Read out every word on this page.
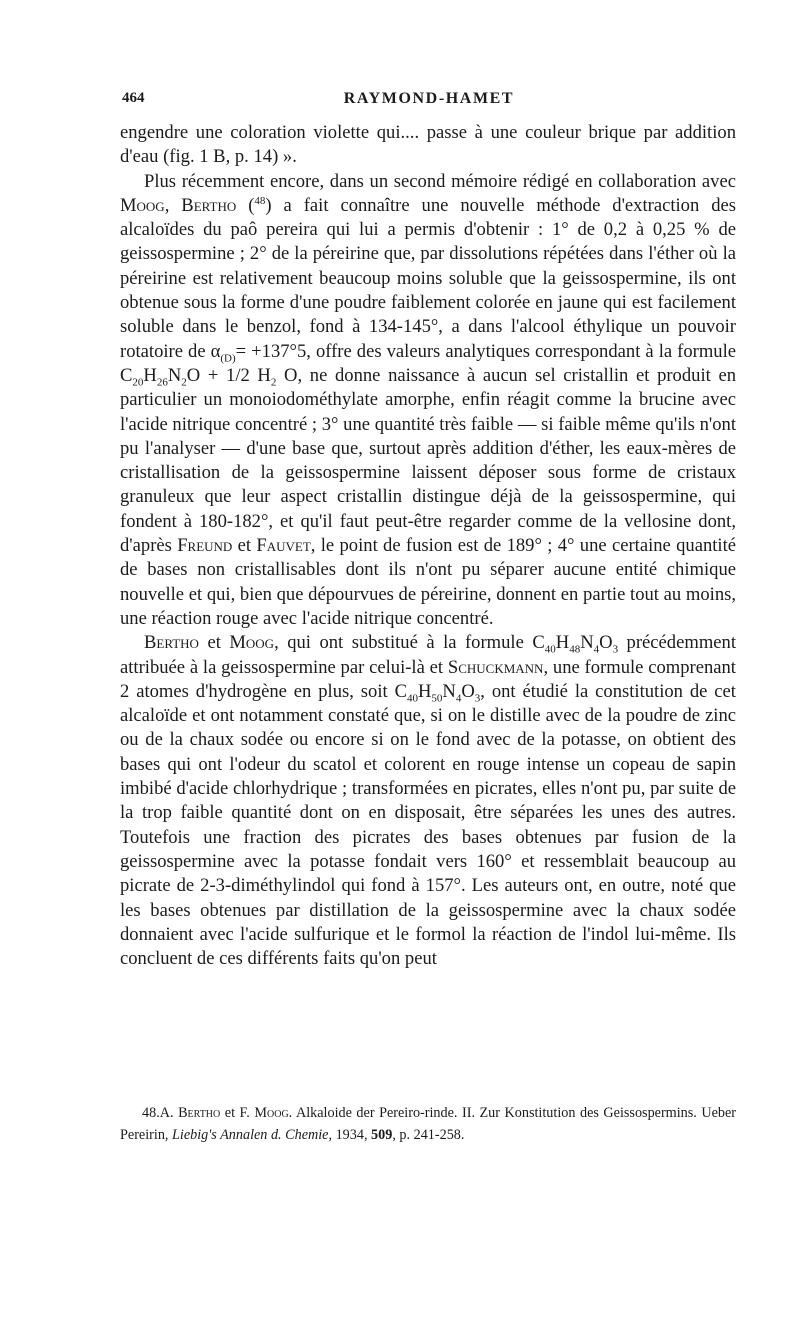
464	RAYMOND-HAMET

engendre une coloration violette qui.... passe à une couleur brique par addition d'eau (fig. 1 B, p. 14) ».

Plus récemment encore, dans un second mémoire rédigé en collaboration avec Moog, Bertho ($^{48}$) a fait connaître une nouvelle méthode d'extraction des alcaloïdes du paô pereira qui lui a permis d'obtenir : 1° de 0,2 à 0,25 % de geissospermine ; 2° de la péreirine que, par dissolutions répétées dans l'éther où la péreirine est relativement beaucoup moins soluble que la geissospermine, ils ont obtenue sous la forme d'une poudre faiblement colorée en jaune qui est facilement soluble dans le benzol, fond à 134-145°, a dans l'alcool éthylique un pouvoir rotatoire de $\alpha_{(D)}= +137^\circ 5$, offre des valeurs analytiques correspondant à la formule $C_{20}H_{26}N_2O + 1/2$ $H_2$ O, ne donne naissance à aucun sel cristallin et produit en particulier un monoiodométhylate amorphe, enfin réagit comme la brucine avec l'acide nitrique concentré ; 3° une quantité très faible — si faible même qu'ils n'ont pu l'analyser — d'une base que, surtout après addition d'éther, les eaux-mères de cristallisation de la geissospermine laissent déposer sous forme de cristaux granuleux que leur aspect cristallin distingue déjà de la geissospermine, qui fondent à 180-182°, et qu'il faut peut-être regarder comme de la vellosine dont, d'après Freund et Fauvet, le point de fusion est de 189° ; 4° une certaine quantité de bases non cristallisables dont ils n'ont pu séparer aucune entité chimique nouvelle et qui, bien que dépourvues de péreirine, donnent en partie tout au moins, une réaction rouge avec l'acide nitrique concentré.

Bertho et Moog, qui ont substitué à la formule $C_{40}H_{48}N_4O_3$ précédemment attribuée à la geissospermine par celui-là et Schuckmann, une formule comprenant 2 atomes d'hydrogène en plus, soit $C_{40}H_{50}N_4O_3$, ont étudié la constitution de cet alcaloïde et ont notamment constaté que, si on le distille avec de la poudre de zinc ou de la chaux sodée ou encore si on le fond avec de la potasse, on obtient des bases qui ont l'odeur du scatol et colorent en rouge intense un copeau de sapin imbibé d'acide chlorhydrique ; transformées en picrates, elles n'ont pu, par suite de la trop faible quantité dont on en disposait, être séparées les unes des autres. Toutefois une fraction des picrates des bases obtenues par fusion de la geissospermine avec la potasse fondait vers 160° et ressemblait beaucoup au picrate de 2-3-diméthylindol qui fond à 157°. Les auteurs ont, en outre, noté que les bases obtenues par distillation de la geissospermine avec la chaux sodée donnaient avec l'acide sulfurique et le formol la réaction de l'indol lui-même. Ils concluent de ces différents faits qu'on peut

48.A. Bertho et F. Moog. Alkaloide der Pereiro-rinde. II. Zur Konstitution des Geissospermins. Ueber Pereirin, Liebig's Annalen d. Chemie, 1934, 509, p. 241-258.
